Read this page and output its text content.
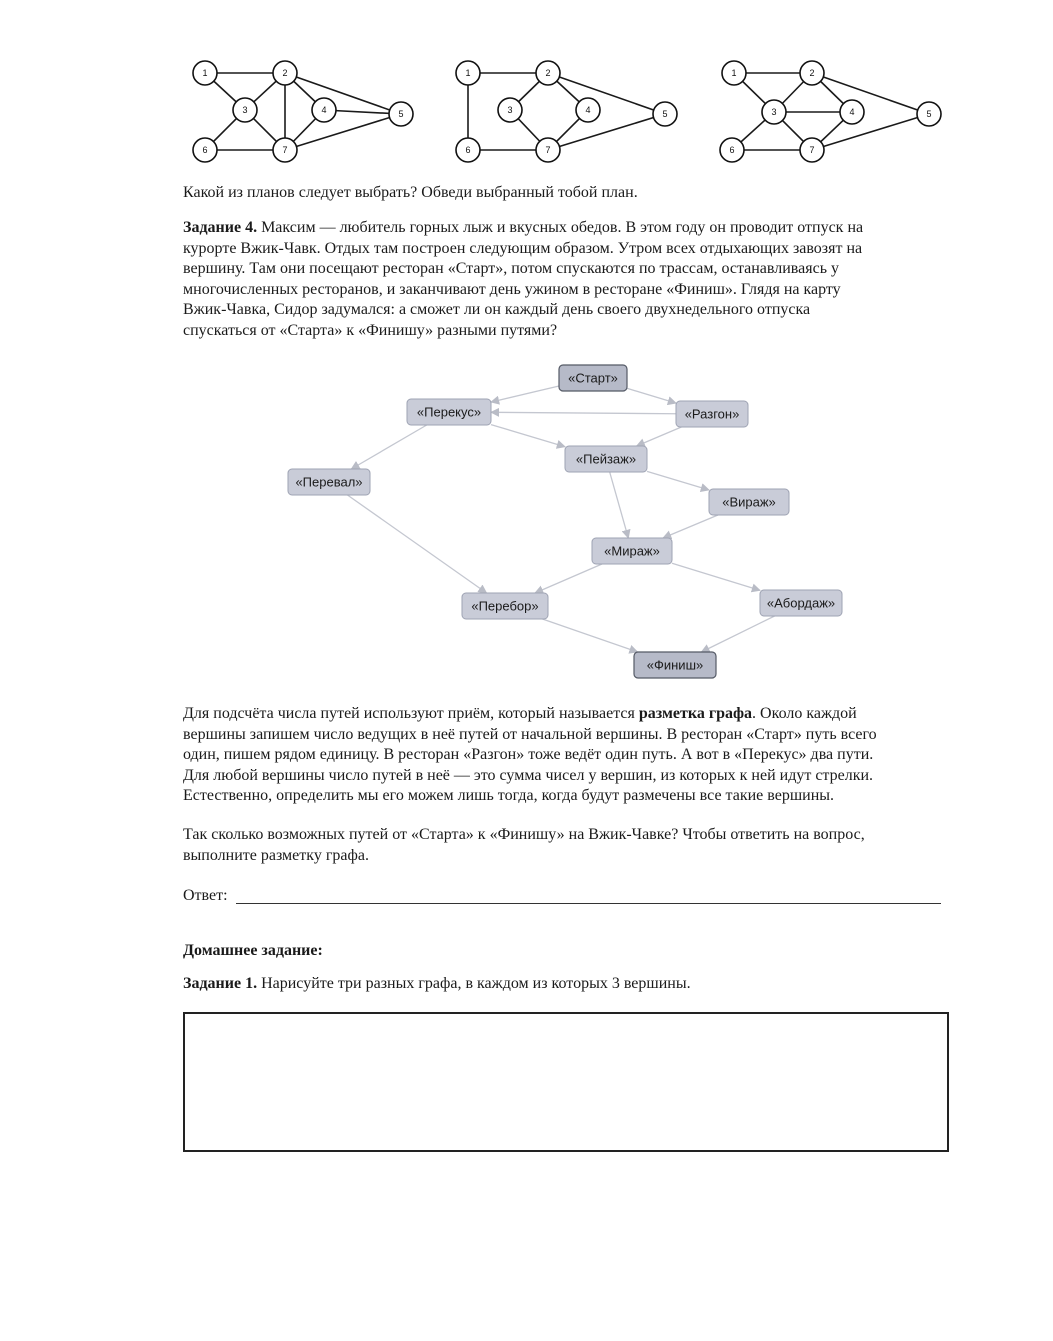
1	2
3	4	5
6	7
1	2
3	4	5
6	7
1	2
3	4	5
6	7
Какой из планов следует выбрать? Обведи выбранный тобой план.
Задание 4. Максим — любитель горных лыж и вкусных обедов. В этом году он проводит отпуск на
курорте Вжик-Чавк. Отдых там построен следующим образом. Утром всех отдыхающих завозят на
вершину. Там они посещают ресторан «Старт», потом спускаются по трассам, останавливаясь у
многочисленных ресторанов, и заканчивают день ужином в ресторане «Финиш». Глядя на карту
Вжик-Чавка, Сидор задумался: а сможет ли он каждый день своего двухнедельного отпуска
спускаться от «Старта» к «Финишу» разными путями?
«Старт»
«Перекус»	«Разгон»
«Пейзаж»
«Перевал»
«Вираж»
«Мираж»
«Перебор»	«Абордаж»
«Финиш»
Для подсчёта числа путей используют приём, который называется разметка графа. Около каждой
вершины запишем число ведущих в неё путей от начальной вершины. В ресторан «Старт» путь всего
один, пишем рядом единицу. В ресторан «Разгон» тоже ведёт один путь. А вот в «Перекус» два пути.
Для любой вершины число путей в неё — это сумма чисел у вершин, из которых к ней идут стрелки.
Естественно, определить мы его можем лишь тогда, когда будут размечены все такие вершины.
Так сколько возможных путей от «Старта» к «Финишу» на Вжик-Чавке? Чтобы ответить на вопрос,
выполните разметку графа.
Ответ:
Домашнее задание:
Задание 1. Нарисуйте три разных графа, в каждом из которых 3 вершины.
